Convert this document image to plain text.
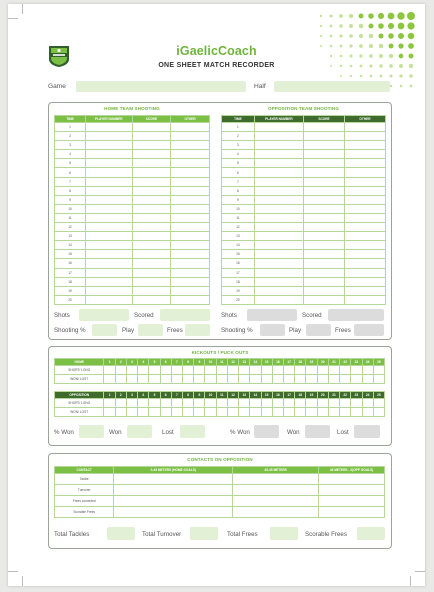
iGaelicCoach
ONE SHEET MATCH RECORDER
Game	Half
HOME TEAM SHOOTING
TIME	PLAYER NUMBER	SCORE	OTHER
1			
2			
3			
4			
5			
6			
7			
8			
9			
10			
11			
12			
13			
14			
15			
16			
17			
18			
19			
20			
OPPOSITION TEAM SHOOTING
TIME	PLAYER NUMBER	SCORE	OTHER
1			
2			
3			
4			
5			
6			
7			
8			
9			
10			
11			
12			
13			
14			
15			
16			
17			
18			
19			
20			
Shots	Scored
Shooting %	Play	Frees
Shots	Scored
Shooting %	Play	Frees
KICKOUTS / PUCK OUTS
HOME	1	2	3	4	5	6	7	8	9	10	11	12	13	14	15	16	17	18	19	20	21	22	23	24	25
SHORT/ LONG																									
WON/ LOST																									
OPPOSITION	1	2	3	4	5	6	7	8	9	10	11	12	13	14	15	16	17	18	19	20	21	22	23	24	25
SHORT/ LONG																									
WON/ LOST																									
% Won	Won	Lost	% Won	Won	Lost
CONTACTS ON OPPOSITION
CONTACT	0-45 METERS (HOME GOALS)	45-45 METERS	45 METERS - 0(OPP GOALS)
Tackle			
Turnover			
Frees conceded			
Scorable Frees			
Total Tackles	Total Turnover	Total Frees	Scorable Frees
